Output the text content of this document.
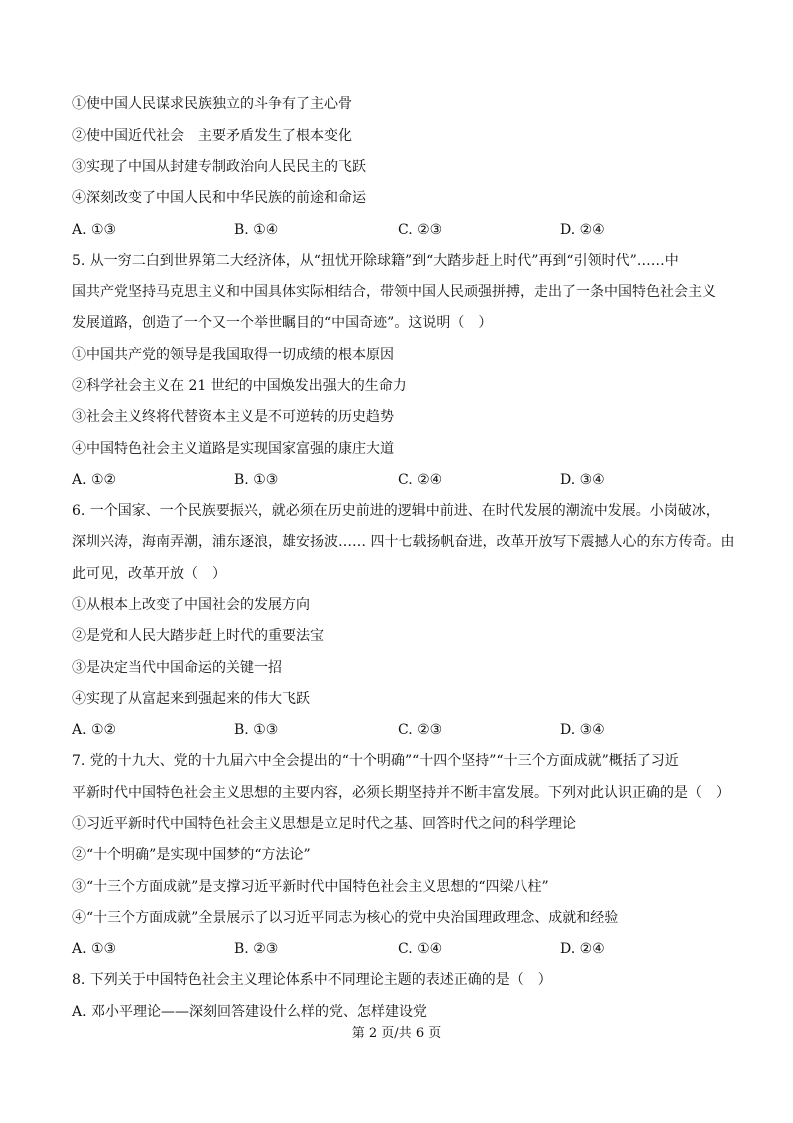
①使中国人民谋求民族独立的斗争有了主心骨
②使中国近代社会　主要矛盾发生了根本变化
③实现了中国从封建专制政治向人民民主的飞跃
④深刻改变了中国人民和中华民族的前途和命运
A. ①③	B. ①④	C. ②③	D. ②④
5. 从一穷二白到世界第二大经济体，从“扭忧开除球籍”到“大踏步赶上时代”再到“引领时代”……中
国共产党坚持马克思主义和中国具体实际相结合，带领中国人民顽强拼搏，走出了一条中国特色社会主义
发展道路，创造了一个又一个举世瞩目的“中国奇迹”。这说明（　）
①中国共产党的领导是我国取得一切成绩的根本原因
②科学社会主义在 21 世纪的中国焕发出强大的生命力
③社会主义终将代替资本主义是不可逆转的历史趋势
④中国特色社会主义道路是实现国家富强的康庄大道
A. ①②	B. ①③	C. ②④	D. ③④
6. 一个国家、一个民族要振兴，就必须在历史前进的逻辑中前进、在时代发展的潮流中发展。小岗破冰，
深圳兴涛，海南弄潮，浦东逐浪，雄安扬波…… 四十七载扬帆奋进，改革开放写下震撼人心的东方传奇。由
此可见，改革开放（　）
①从根本上改变了中国社会的发展方向
②是党和人民大踏步赶上时代的重要法宝
③是决定当代中国命运的关键一招
④实现了从富起来到强起来的伟大飞跃
A. ①②	B. ①③	C. ②③	D. ③④
7. 党的十九大、党的十九届六中全会提出的“十个明确”“十四个坚持”“十三个方面成就”概括了习近
平新时代中国特色社会主义思想的主要内容，必须长期坚持并不断丰富发展。下列对此认识正确的是（　）
①习近平新时代中国特色社会主义思想是立足时代之基、回答时代之问的科学理论
②“十个明确”是实现中国梦的“方法论”
③“十三个方面成就”是支撑习近平新时代中国特色社会主义思想的“四梁八柱”
④“十三个方面成就”全景展示了以习近平同志为核心的党中央治国理政理念、成就和经验
A. ①③	B. ②③	C. ①④	D. ②④
8. 下列关于中国特色社会主义理论体系中不同理论主题的表述正确的是（　）
A. 邓小平理论——深刻回答建设什么样的党、怎样建设党
第 2 页/共 6 页
